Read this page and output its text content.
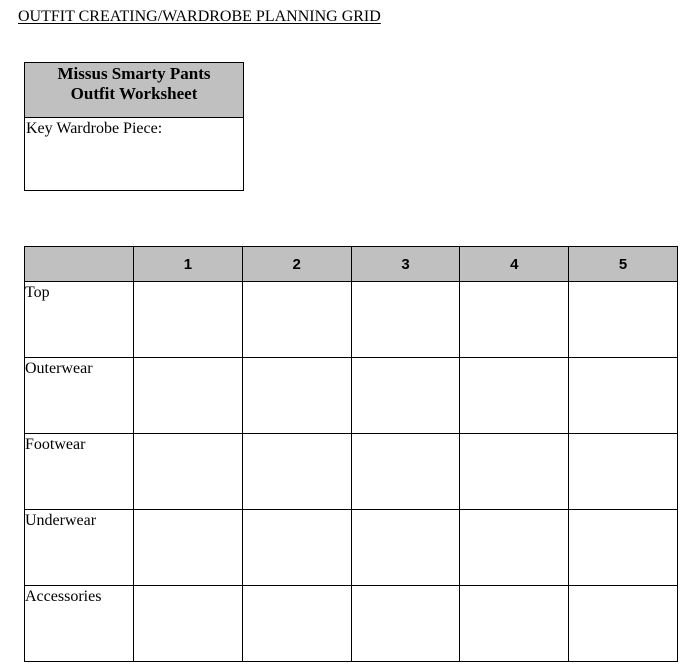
OUTFIT CREATING/WARDROBE PLANNING GRID
Missus Smarty Pants
Outfit Worksheet
Key Wardrobe Piece:
	1	2	3	4	5
Top					
Outerwear					
Footwear					
Underwear					
Accessories					
